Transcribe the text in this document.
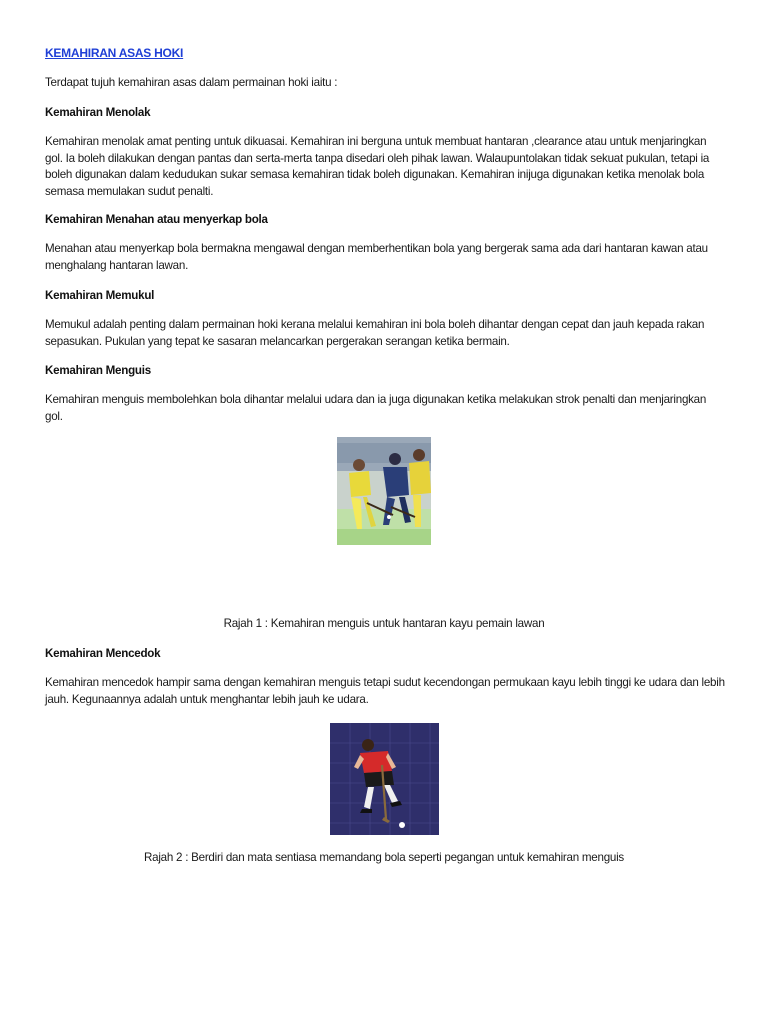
KEMAHIRAN ASAS HOKI

Terdapat tujuh kemahiran asas dalam permainan hoki iaitu :

Kemahiran Menolak

Kemahiran menolak amat penting untuk dikuasai. Kemahiran ini berguna untuk membuat hantaran ,clearance atau untuk menjaringkan gol. Ia boleh dilakukan dengan pantas dan serta-merta tanpa disedari oleh pihak lawan. Walaupuntolakan tidak sekuat pukulan, tetapi ia boleh digunakan dalam kedudukan sukar semasa kemahiran tidak boleh digunakan. Kemahiran inijuga digunakan ketika menolak bola semasa memulakan sudut penalti.

Kemahiran Menahan atau menyerkap bola

Menahan atau menyerkap bola bermakna mengawal dengan memberhentikan bola yang bergerak sama ada dari hantaran kawan atau menghalang hantaran lawan.

Kemahiran Memukul

Memukul adalah penting dalam permainan hoki kerana melalui kemahiran ini bola boleh dihantar dengan cepat dan jauh kepada rakan sepasukan. Pukulan yang tepat ke sasaran melancarkan pergerakan serangan ketika bermain.

Kemahiran Menguis

Kemahiran menguis membolehkan bola dihantar melalui udara dan ia juga digunakan ketika melakukan strok penalti dan menjaringkan gol.

Rajah 1 : Kemahiran menguis untuk hantaran kayu pemain lawan

Kemahiran Mencedok

Kemahiran mencedok hampir sama dengan kemahiran menguis tetapi sudut kecendongan permukaan kayu lebih tinggi ke udara dan lebih jauh. Kegunaannya adalah untuk menghantar lebih jauh ke udara.

Rajah 2 : Berdiri dan mata sentiasa memandang bola seperti pegangan untuk kemahiran menguis
